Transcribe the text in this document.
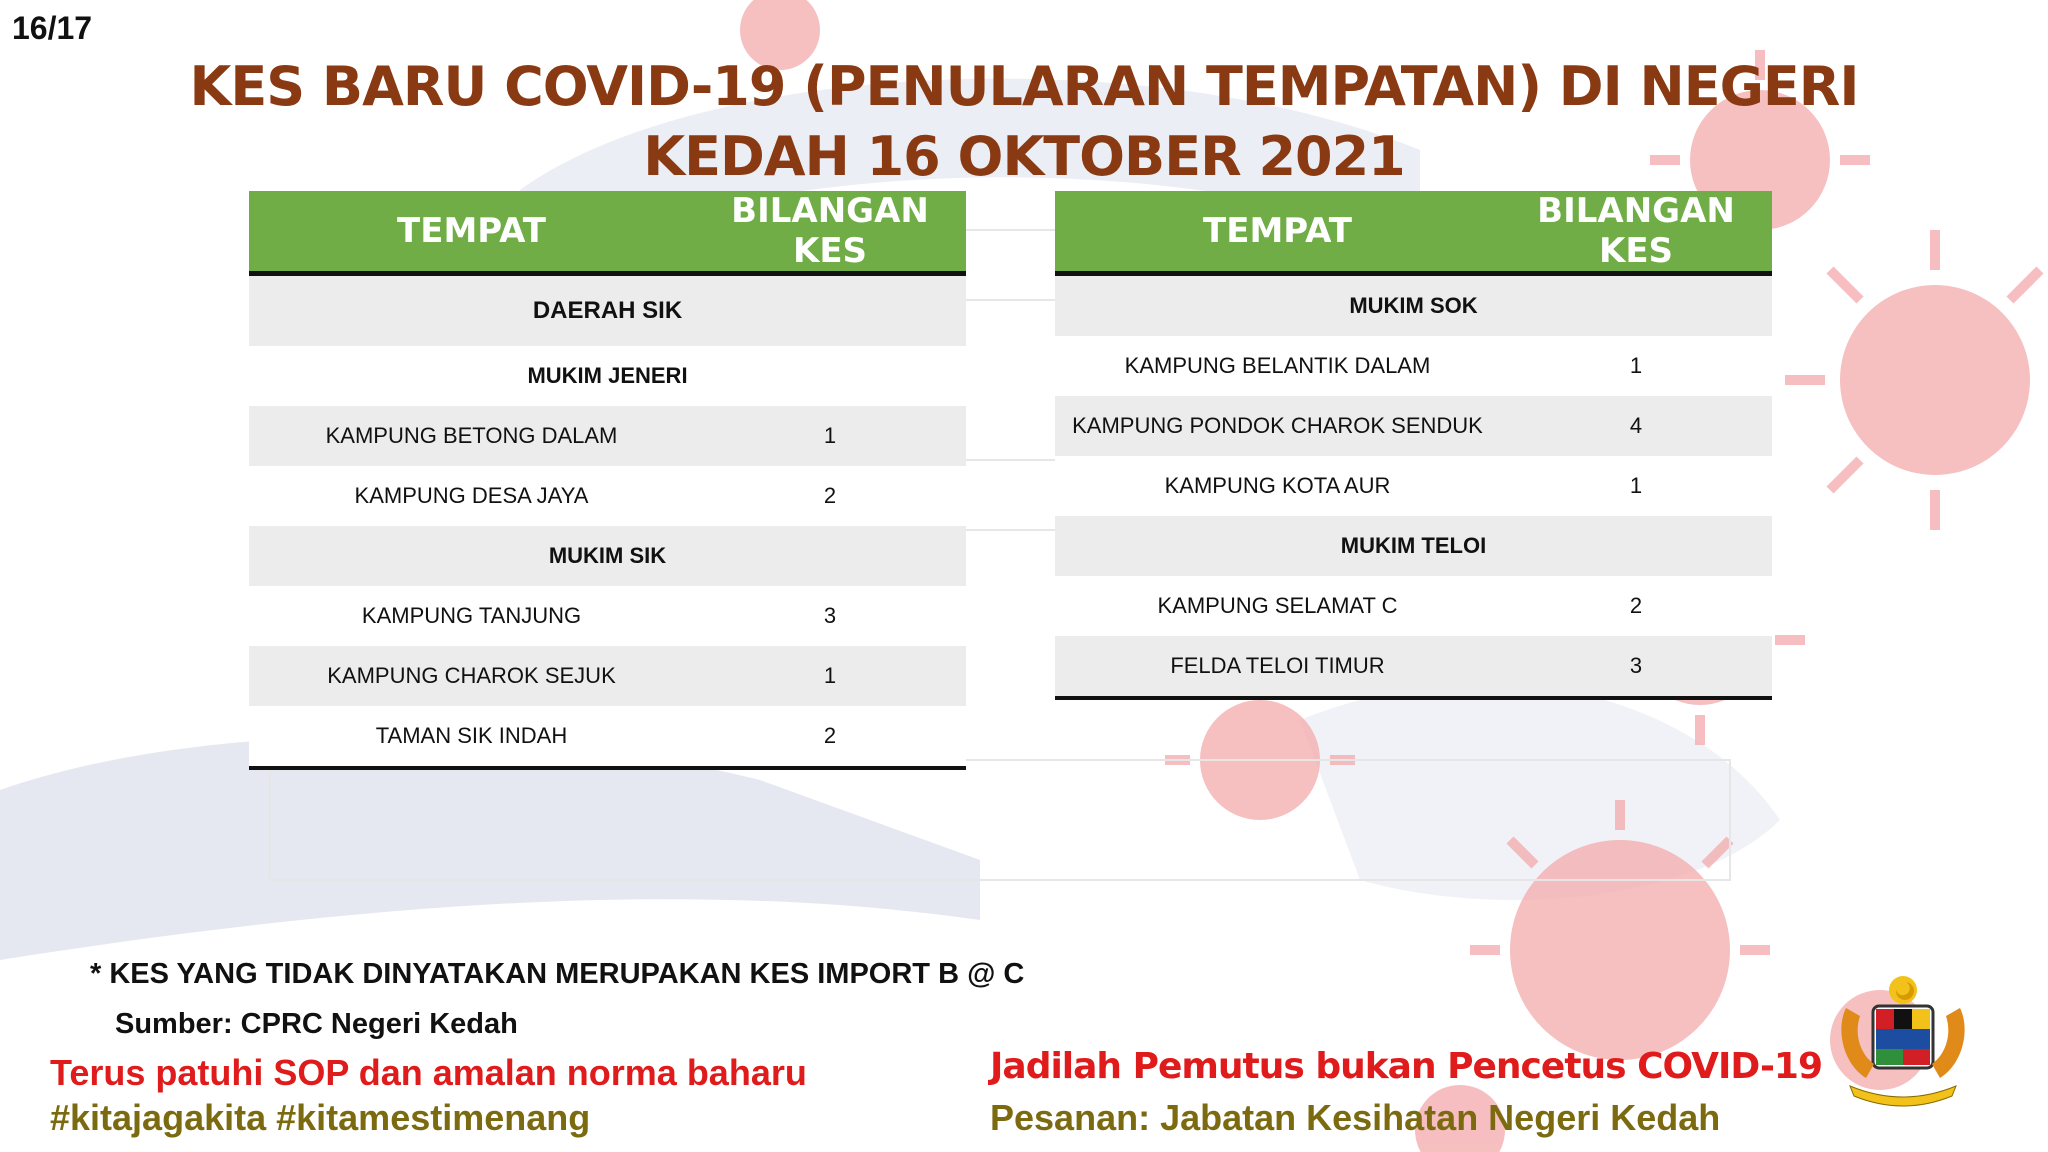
16/17
KES BARU COVID-19 (PENULARAN TEMPATAN) DI NEGERI
KEDAH 16 OKTOBER 2021
TEMPAT	BILANGAN KES
DAERAH SIK	
MUKIM JENERI	
KAMPUNG BETONG DALAM	1
KAMPUNG DESA JAYA	2
MUKIM SIK	
KAMPUNG TANJUNG	3
KAMPUNG CHAROK SEJUK	1
TAMAN SIK INDAH	2
TEMPAT	BILANGAN KES
MUKIM SOK	
KAMPUNG BELANTIK DALAM	1
KAMPUNG PONDOK CHAROK SENDUK	4
KAMPUNG KOTA AUR	1
MUKIM TELOI	
KAMPUNG SELAMAT C	2
FELDA TELOI TIMUR	3
* KES YANG TIDAK DINYATAKAN MERUPAKAN KES IMPORT B @ C
Sumber: CPRC Negeri Kedah
Terus patuhi SOP dan amalan norma baharu
#kitajagakita #kitamestimenang
Jadilah Pemutus bukan Pencetus COVID-19
Pesanan: Jabatan Kesihatan Negeri Kedah
